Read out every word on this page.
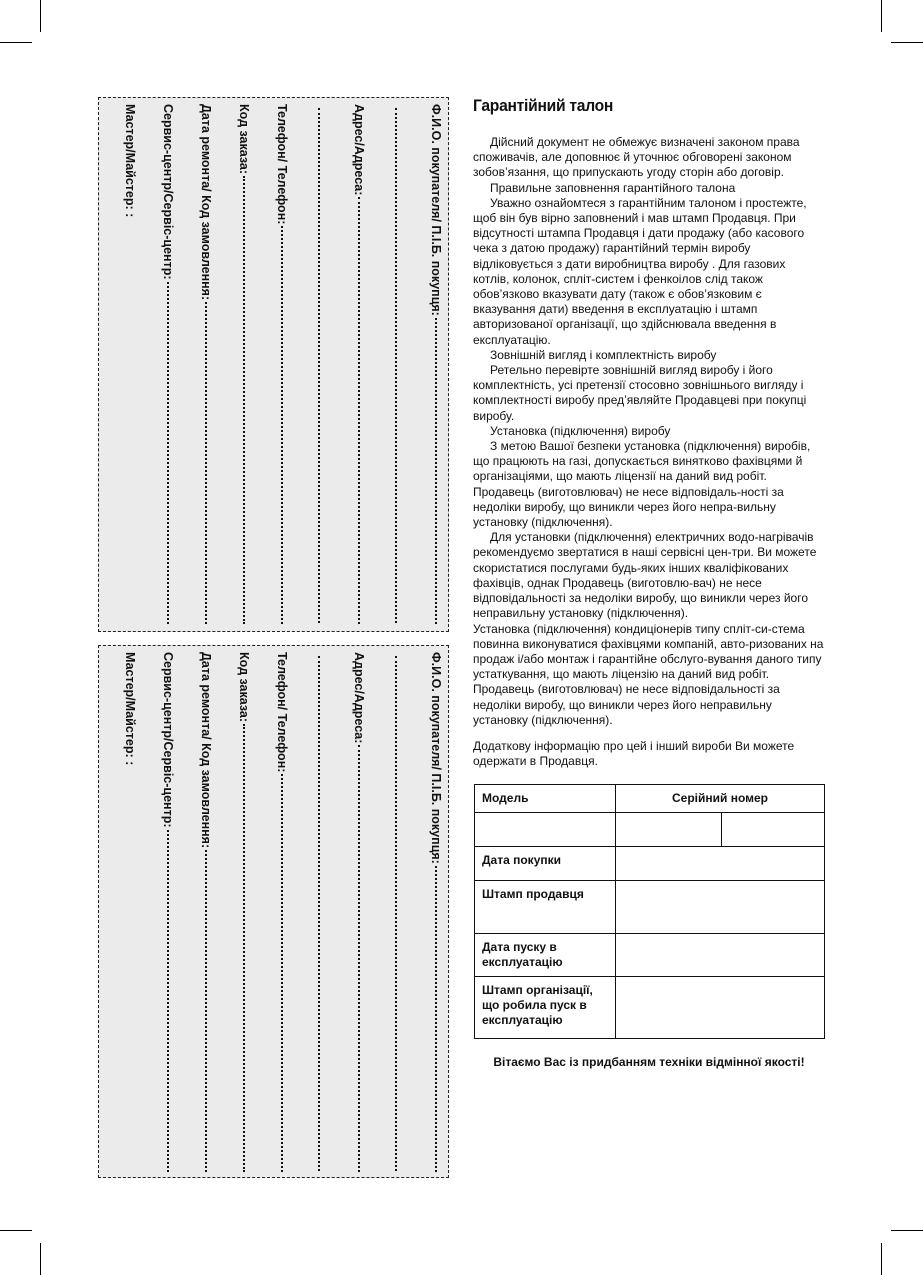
Ф.И.О. покупателя/ П.І.Б. покупця:
Адрес/Адреса:
Телефон/ Телефон:
Код заказа:
Дата ремонта/ Код замовлення:
Сервис-центр/Сервіс-центр:
Мастер/Майстер: :
Ф.И.О. покупателя/ П.І.Б. покупця:
Адрес/Адреса:
Телефон/ Телефон:
Код заказа:
Дата ремонта/ Код замовлення:
Сервис-центр/Сервіс-центр:
Мастер/Майстер: :
Гарантійний талон

Дійсний документ не обмежує визначені законом права споживачів, але доповнює й уточнює обговорені законом зобов’язання, що припускають угоду сторін або договір.

Правильне заповнення гарантійного талона

Уважно ознайомтеся з гарантійним талоном і простежте, щоб він був вірно заповнений і мав штамп Продавця. При відсутності штампа Продавця і дати продажу (або касового чека з датою продажу) гарантійний термін виробу відліковується з дати виробництва виробу . Для газових котлів, колонок, спліт-систем і фенкоілов слід також обов’язково вказувати дату (також є обов’язковим є вказування дати) введення в експлуатацію і штамп авторизованої організації, що здійснювала введення в експлуатацію.

Зовнішній вигляд і комплектність виробу

Ретельно перевірте зовнішній вигляд виробу і його комплектність, усі претензії стосовно зовнішнього вигляду і комплектності виробу пред’являйте Продавцеві при покупці виробу.

Установка (підключення) виробу

З метою Вашої безпеки установка (підключення) виробів, що працюють на газі, допускається винятково фахівцями й організаціями, що мають ліцензії на даний вид робіт. Продавець (виготовлювач) не несе відповідаль-ності за недоліки виробу, що виникли через його непра-вильну установку (підключення).

Для установки (підключення) електричних водо-нагрівачів рекомендуємо звертатися в наші сервісні цен-три. Ви можете скористатися послугами будь-яких інших кваліфікованих фахівців, однак Продавець (виготовлю-вач) не несе відповідальності за недоліки виробу, що виникли через його неправильну установку (підключення).

Установка (підключення) кондиціонерів типу спліт-си-стема повинна виконуватися фахівцями компаній, авто-ризованих на продаж і/або монтаж і гарантійне обслуго-вування даного типу устаткування, що мають ліцензію на даний вид робіт. Продавець (виготовлювач) не несе відповідальності за недоліки виробу, що виникли через його неправильну установку (підключення).

Додаткову інформацію про цей і інший вироби Ви можете одержати в Продавця.
Модель	Серійний номер	

Дата покупки		
Штамп продавця		
Дата пуску в експлуатацію		
Штамп організації, що робила пуск в експлуатацію		
Вітаємо Вас із придбанням техніки відмінної якості!
